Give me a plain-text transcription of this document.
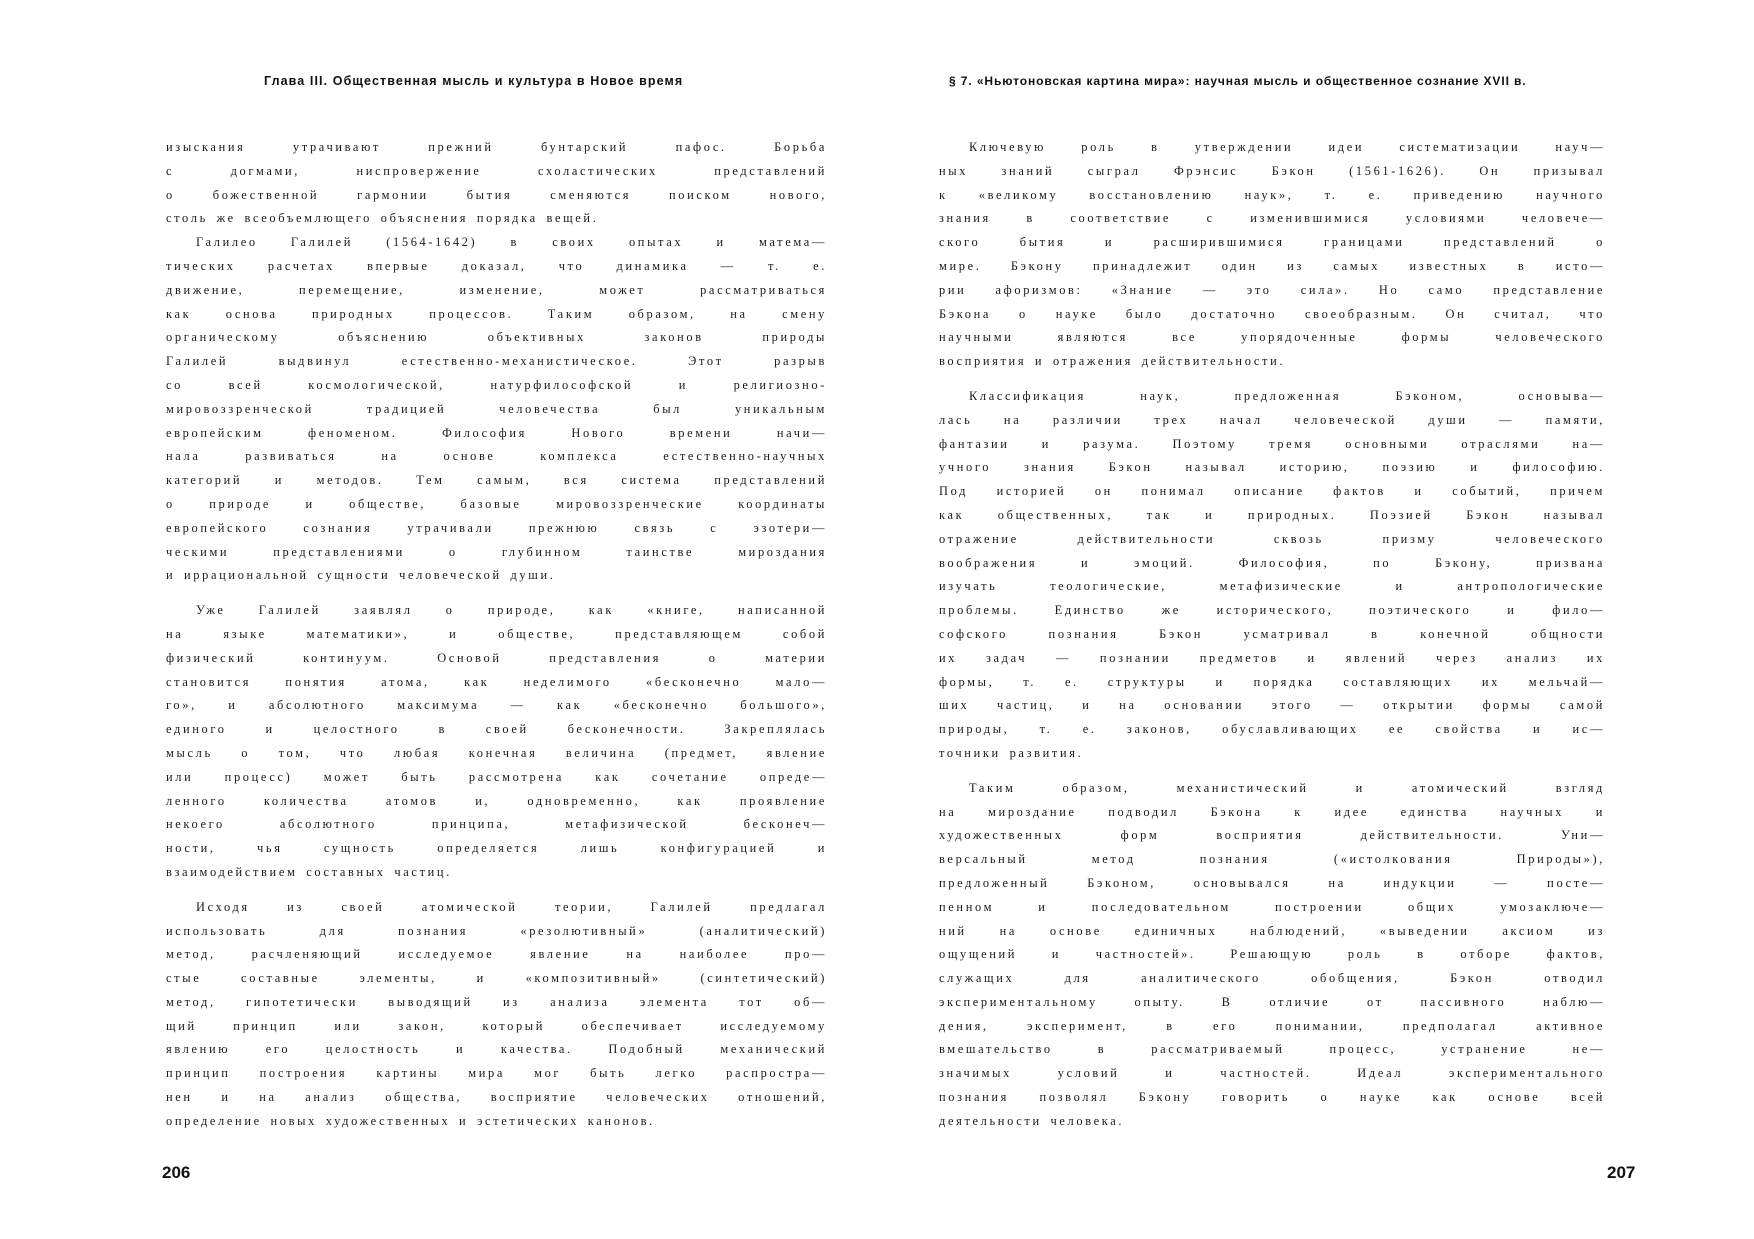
Глава III. Общественная мысль и культура в Новое время
изыскания утрачивают прежний бунтарский пафос. Борьба
с догмами, ниспровержение схоластических представлений
о божественной гармонии бытия сменяются поиском нового,
столь же всеобъемлющего объяснения порядка вещей.
Галилео Галилей (1564-1642) в своих опытах и матема—
тических расчетах впервые доказал, что динамика — т. е.
движение, перемещение, изменение, может рассматриваться
как основа природных процессов. Таким образом, на смену
органическому объяснению объективных законов природы
Галилей выдвинул естественно-механистическое. Этот разрыв
со всей космологической, натурфилософской и религиозно-
мировоззренческой традицией человечества был уникальным
европейским феноменом. Философия Нового времени начи—
нала развиваться на основе комплекса естественно-научных
категорий и методов. Тем самым, вся система представлений
о природе и обществе, базовые мировоззренческие координаты
европейского сознания утрачивали прежнюю связь с эзотери—
ческими представлениями о глубинном таинстве мироздания
и иррациональной сущности человеческой души.
Уже Галилей заявлял о природе, как «книге, написанной
на языке математики», и обществе, представляющем собой
физический континуум. Основой представления о материи
становится понятия атома, как неделимого «бесконечно мало—
го», и абсолютного максимума — как «бесконечно большого»,
единого и целостного в своей бесконечности. Закреплялась
мысль о том, что любая конечная величина (предмет, явление
или процесс) может быть рассмотрена как сочетание опреде—
ленного количества атомов и, одновременно, как проявление
некоего абсолютного принципа, метафизической бесконеч—
ности, чья сущность определяется лишь конфигурацией и
взаимодействием составных частиц.
Исходя из своей атомической теории, Галилей предлагал
использовать для познания «резолютивный» (аналитический)
метод, расчленяющий исследуемое явление на наиболее про—
стые составные элементы, и «композитивный» (синтетический)
метод, гипотетически выводящий из анализа элемента тот об—
щий принцип или закон, который обеспечивает исследуемому
явлению его целостность и качества. Подобный механический
принцип построения картины мира мог быть легко распростра—
нен и на анализ общества, восприятие человеческих отношений,
определение новых художественных и эстетических канонов.
206
§ 7. «Ньютоновская картина мира»: научная мысль и общественное сознание XVII в.
Ключевую роль в утверждении идеи систематизации науч—
ных знаний сыграл Фрэнсис Бэкон (1561-1626). Он призывал
к «великому восстановлению наук», т. е. приведению научного
знания в соответствие с изменившимися условиями человече—
ского бытия и расширившимися границами представлений о
мире. Бэкону принадлежит один из самых известных в исто—
рии афоризмов: «Знание — это сила». Но само представление
Бэкона о науке было достаточно своеобразным. Он считал, что
научными являются все упорядоченные формы человеческого
восприятия и отражения действительности.
Классификация наук, предложенная Бэконом, основыва—
лась на различии трех начал человеческой души — памяти,
фантазии и разума. Поэтому тремя основными отраслями на—
учного знания Бэкон называл историю, поэзию и философию.
Под историей он понимал описание фактов и событий, причем
как общественных, так и природных. Поэзией Бэкон называл
отражение действительности сквозь призму человеческого
воображения и эмоций. Философия, по Бэкону, призвана
изучать теологические, метафизические и антропологические
проблемы. Единство же исторического, поэтического и фило—
софского познания Бэкон усматривал в конечной общности
их задач — познании предметов и явлений через анализ их
формы, т. е. структуры и порядка составляющих их мельчай—
ших частиц, и на основании этого — открытии формы самой
природы, т. е. законов, обуславливающих ее свойства и ис—
точники развития.
Таким образом, механистический и атомический взгляд
на мироздание подводил Бэкона к идее единства научных и
художественных форм восприятия действительности. Уни—
версальный метод познания («истолкования Природы»),
предложенный Бэконом, основывался на индукции — посте—
пенном и последовательном построении общих умозаключе—
ний на основе единичных наблюдений, «выведении аксиом из
ощущений и частностей». Решающую роль в отборе фактов,
служащих для аналитического обобщения, Бэкон отводил
экспериментальному опыту. В отличие от пассивного наблю—
дения, эксперимент, в его понимании, предполагал активное
вмешательство в рассматриваемый процесс, устранение не—
значимых условий и частностей. Идеал экспериментального
познания позволял Бэкону говорить о науке как основе всей
деятельности человека.
207
